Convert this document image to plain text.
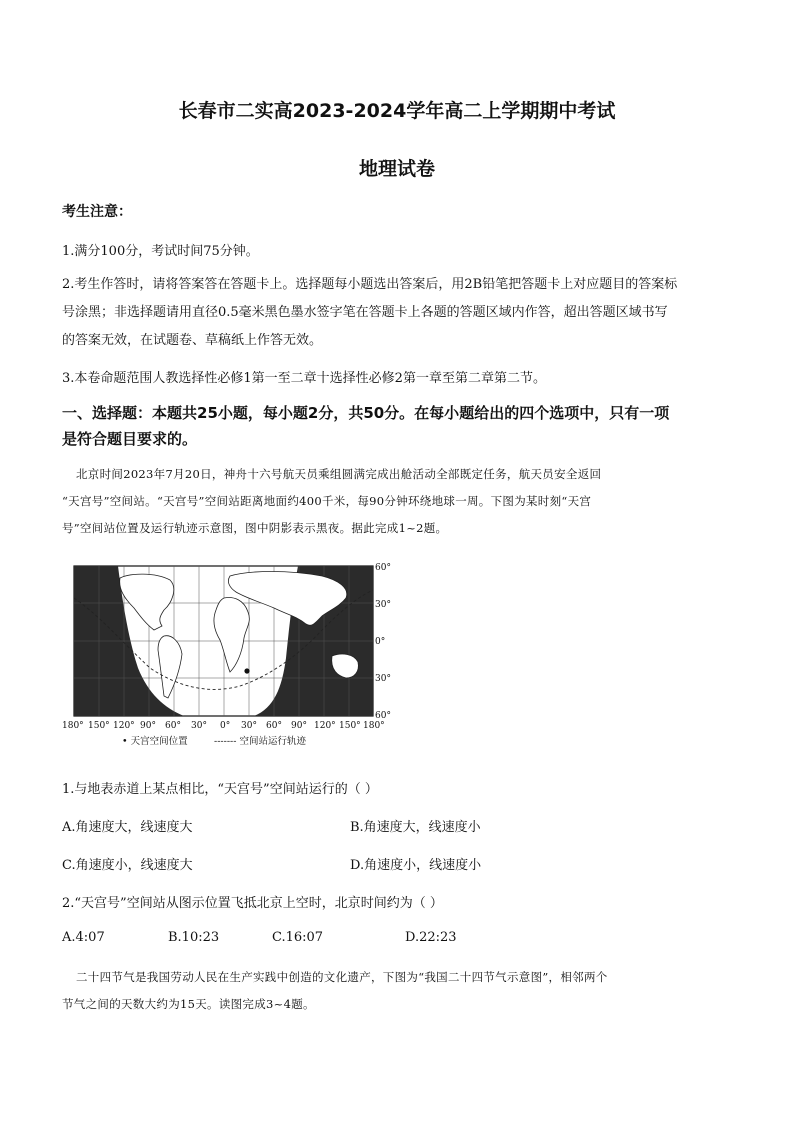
长春市二实高2023-2024学年高二上学期期中考试
地理试卷
考生注意：
1.满分100分，考试时间75分钟。
2.考生作答时，请将答案答在答题卡上。选择题每小题选出答案后，用2B铅笔把答题卡上对应题目的答案标
号涂黑；非选择题请用直径0.5毫米黑色墨水签字笔在答题卡上各题的答题区域内作答，超出答题区域书写
的答案无效，在试题卷、草稿纸上作答无效。
3.本卷命题范围人教选择性必修1第一至二章十选择性必修2第一章至第二章第二节。
一、选择题：本题共25小题，每小题2分，共50分。在每小题给出的四个选项中，只有一项
是符合题目要求的。
北京时间2023年7月20日，神舟十六号航天员乘组圆满完成出舱活动全部既定任务，航天员安全返回
“天宫号”空间站。“天宫号”空间站距离地面约400千米，每90分钟环绕地球一周。下图为某时刻“天宫
号”空间站位置及运行轨迹示意图，图中阴影表示黑夜。据此完成1~2题。
北京
☆
180° 150° 120° 90° 60° 30° 0° 30° 60° 90° 120° 150° 180°
60°
30°
0°
30°
60°
• 天宫空间位置	------- 空间站运行轨迹
1.与地表赤道上某点相比，“天宫号”空间站运行的（ ）
A.角速度大，线速度大	B.角速度大，线速度小
C.角速度小，线速度大	D.角速度小，线速度小
2.“天宫号”空间站从图示位置飞抵北京上空时，北京时间约为（ ）
A.4:07	B.10:23	C.16:07	D.22:23
二十四节气是我国劳动人民在生产实践中创造的文化遗产，下图为“我国二十四节气示意图”，相邻两个
节气之间的天数大约为15天。读图完成3~4题。
